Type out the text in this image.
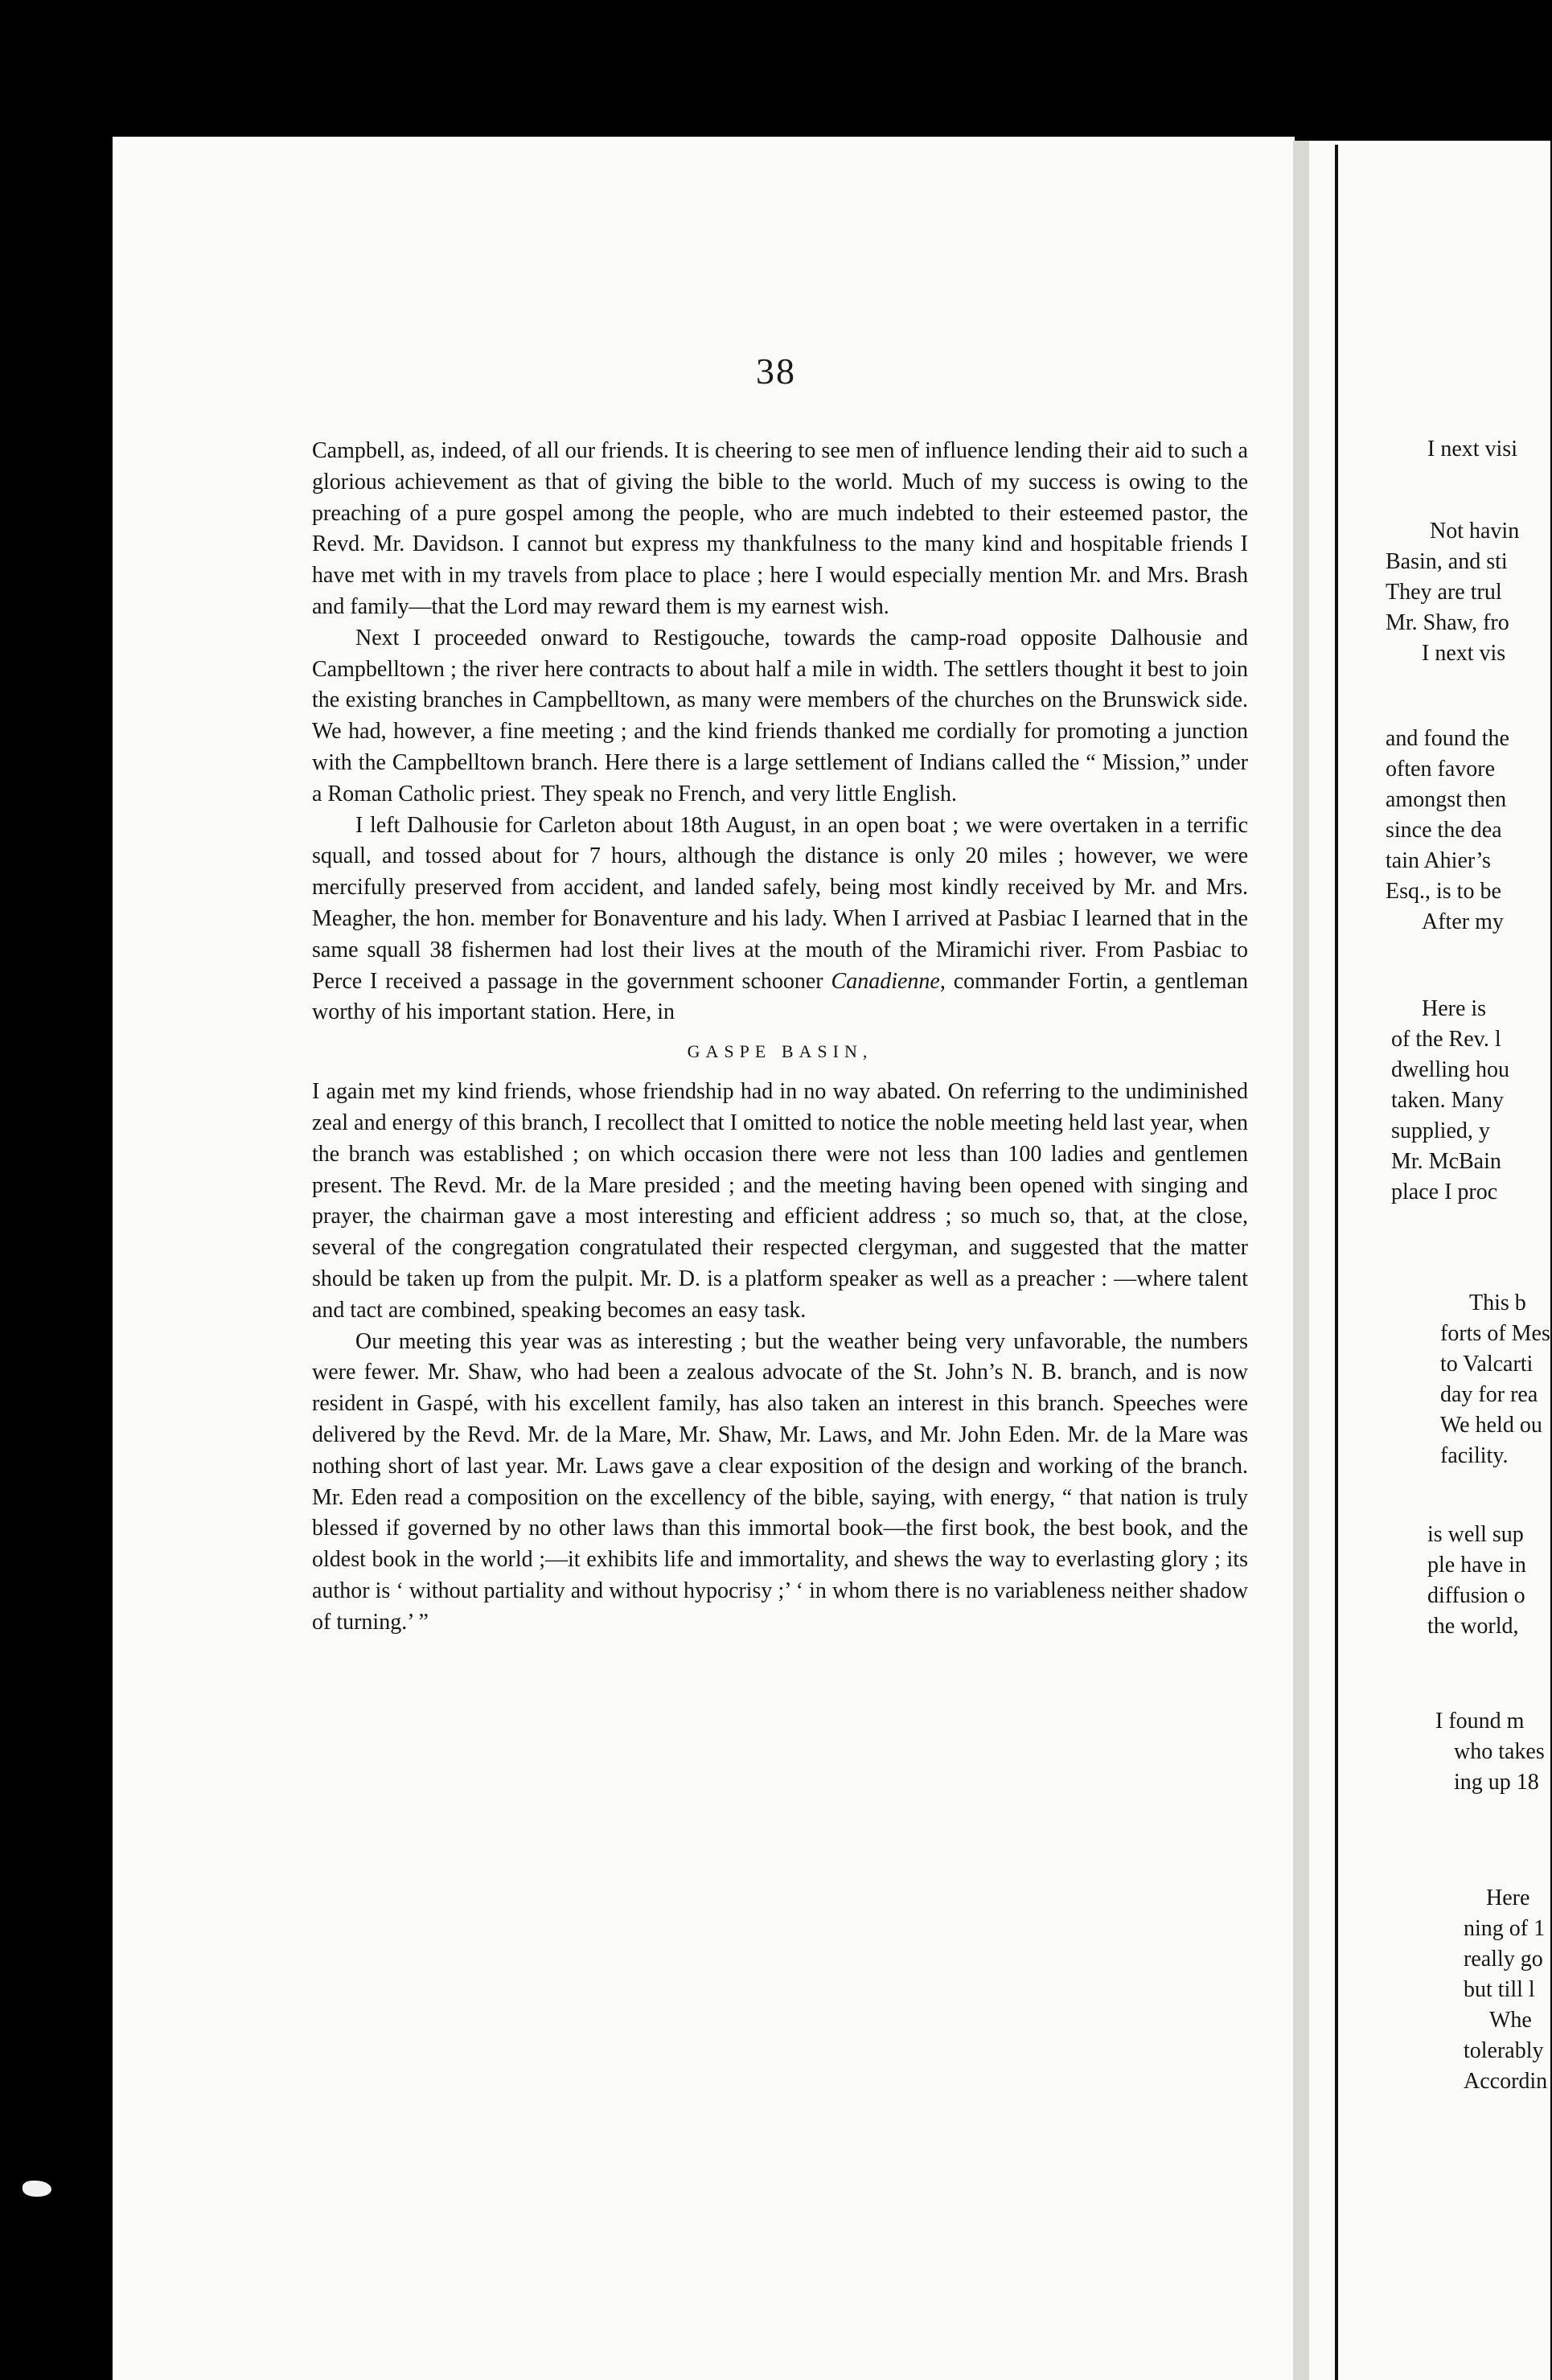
38

Campbell, as, indeed, of all our friends. It is cheering to see men of influence lending their aid to such a glorious achievement as that of giving the bible to the world. Much of my success is owing to the preaching of a pure gospel among the people, who are much indebted to their esteemed pastor, the Revd. Mr. Davidson. I cannot but express my thankfulness to the many kind and hospitable friends I have met with in my travels from place to place ; here I would especially mention Mr. and Mrs. Brash and family—that the Lord may reward them is my earnest wish.

Next I proceeded onward to Restigouche, towards the camp-road opposite Dalhousie and Campbelltown ; the river here contracts to about half a mile in width. The settlers thought it best to join the existing branches in Campbelltown, as many were members of the churches on the Brunswick side. We had, however, a fine meeting ; and the kind friends thanked me cordially for promoting a junction with the Campbelltown branch. Here there is a large settlement of Indians called the “ Mission,” under a Roman Catholic priest. They speak no French, and very little English.

I left Dalhousie for Carleton about 18th August, in an open boat ; we were overtaken in a terrific squall, and tossed about for 7 hours, although the distance is only 20 miles ; however, we were mercifully preserved from accident, and landed safely, being most kindly received by Mr. and Mrs. Meagher, the hon. member for Bonaventure and his lady. When I arrived at Pasbiac I learned that in the same squall 38 fishermen had lost their lives at the mouth of the Miramichi river. From Pasbiac to Perce I received a passage in the government schooner Canadienne, commander Fortin, a gentleman worthy of his important station. Here, in

GASPE BASIN,

I again met my kind friends, whose friendship had in no way abated. On referring to the undiminished zeal and energy of this branch, I recollect that I omitted to notice the noble meeting held last year, when the branch was established ; on which occasion there were not less than 100 ladies and gentlemen present. The Revd. Mr. de la Mare presided ; and the meeting having been opened with singing and prayer, the chairman gave a most interesting and efficient address ; so much so, that, at the close, several of the congregation congratulated their respected clergyman, and suggested that the matter should be taken up from the pulpit. Mr. D. is a platform speaker as well as a preacher : —where talent and tact are combined, speaking becomes an easy task.

Our meeting this year was as interesting ; but the weather being very unfavorable, the numbers were fewer. Mr. Shaw, who had been a zealous advocate of the St. John’s N. B. branch, and is now resident in Gaspé, with his excellent family, has also taken an interest in this branch. Speeches were delivered by the Revd. Mr. de la Mare, Mr. Shaw, Mr. Laws, and Mr. John Eden. Mr. de la Mare was nothing short of last year. Mr. Laws gave a clear exposition of the design and working of the branch. Mr. Eden read a composition on the excellency of the bible, saying, with energy, “ that nation is truly blessed if governed by no other laws than this immortal book—the first book, the best book, and the oldest book in the world ;—it exhibits life and immortality, and shews the way to everlasting glory ; its author is ‘ without partiality and without hypocrisy ;’ ‘ in whom there is no variableness neither shadow of turning.’ ”

I next visi
Not havin
Basin, and sti
They are trul
Mr. Shaw, fro
I next vis
and found the
often favore
amongst then
since the dea
tain Ahier’s
Esq., is to be
After my
Here is
of the Rev. l
dwelling hou
taken. Many
supplied, y
Mr. McBain
place I proc
This b
forts of Mes
to Valcarti
day for rea
We held ou
facility.
is well sup
ple have in
diffusion o
the world,
I found m
who takes
ing up 18
Here
ning of 1
really go
but till l
Whe
tolerably
Accordin
